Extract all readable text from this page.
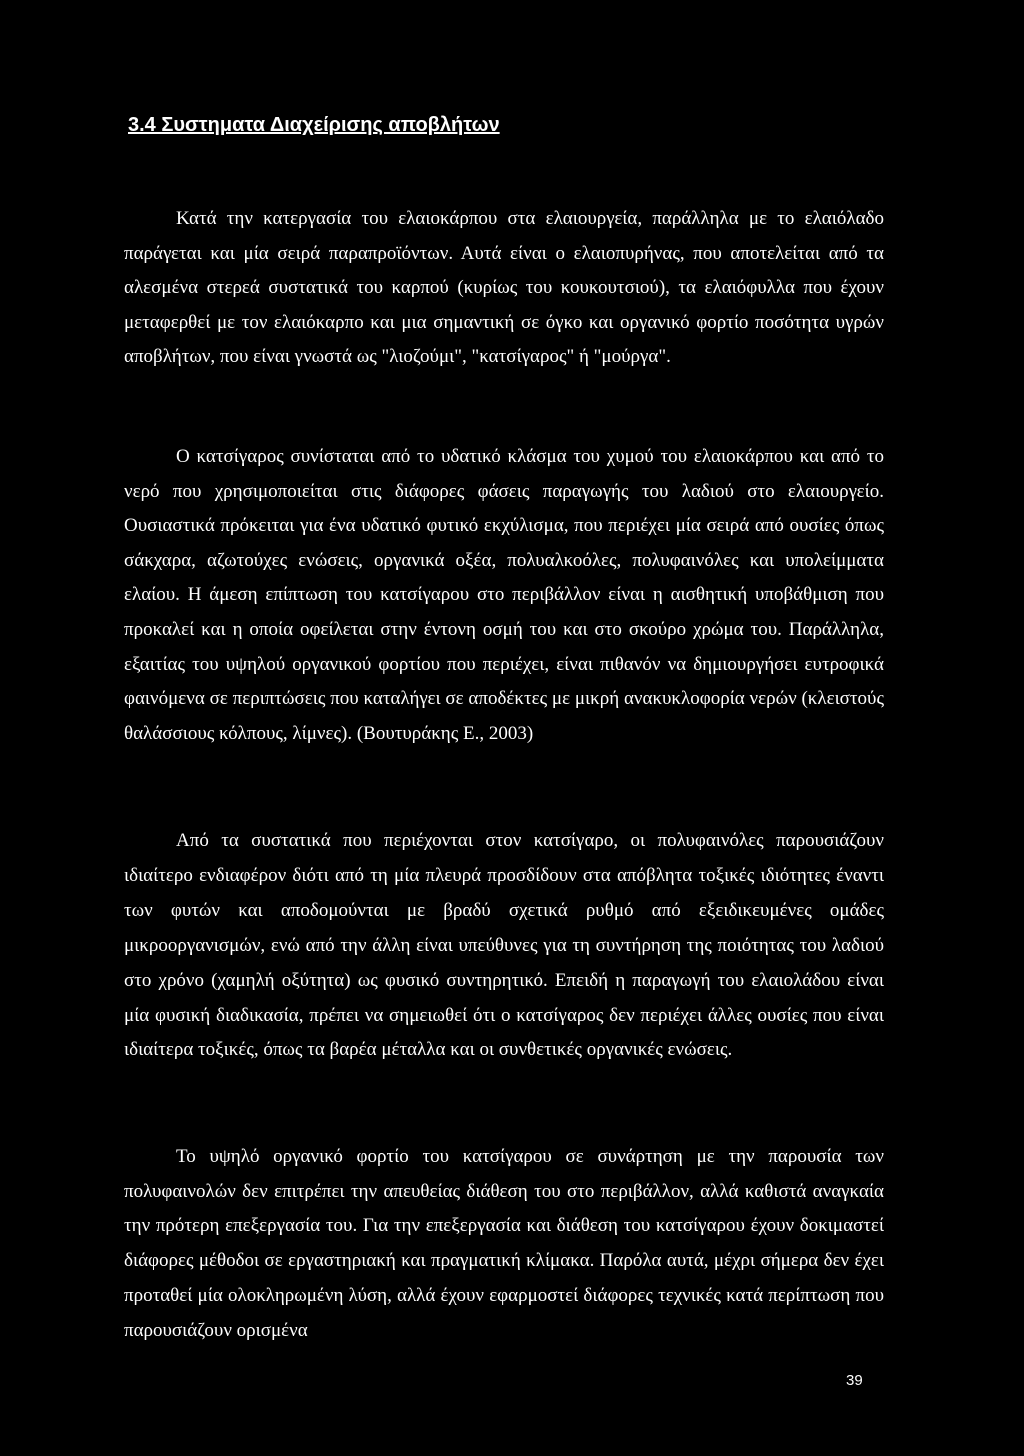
3.4 Συστηματα Διαχείρισης αποβλήτων

Κατά την κατεργασία του ελαιοκάρπου στα ελαιουργεία, παράλληλα με το ελαιόλαδο παράγεται και μία σειρά παραπροϊόντων. Αυτά είναι ο ελαιοπυρήνας, που αποτελείται από τα αλεσμένα στερεά συστατικά του καρπού (κυρίως του κουκουτσιού), τα ελαιόφυλλα που έχουν μεταφερθεί με τον ελαιόκαρπο και μια σημαντική σε όγκο και οργανικό φορτίο ποσότητα υγρών αποβλήτων, που είναι γνωστά ως "λιοζούμι", "κατσίγαρος" ή "μούργα".

Ο κατσίγαρος συνίσταται από το υδατικό κλάσμα του χυμού του ελαιοκάρπου και από το νερό που χρησιμοποιείται στις διάφορες φάσεις παραγωγής του λαδιού στο ελαιουργείο. Ουσιαστικά πρόκειται για ένα υδατικό φυτικό εκχύλισμα, που περιέχει μία σειρά από ουσίες όπως σάκχαρα, αζωτούχες ενώσεις, οργανικά οξέα, πολυαλκοόλες, πολυφαινόλες και υπολείμματα ελαίου. Η άμεση επίπτωση του κατσίγαρου στο περιβάλλον είναι η αισθητική υποβάθμιση που προκαλεί και η οποία οφείλεται στην έντονη οσμή του και στο σκούρο χρώμα του. Παράλληλα, εξαιτίας του υψηλού οργανικού φορτίου που περιέχει, είναι πιθανόν να δημιουργήσει ευτροφικά φαινόμενα σε περιπτώσεις που καταλήγει σε αποδέκτες με μικρή ανακυκλοφορία νερών (κλειστούς θαλάσσιους κόλπους, λίμνες). (Βουτυράκης Ε., 2003)

Από τα συστατικά που περιέχονται στον κατσίγαρο, οι πολυφαινόλες παρουσιάζουν ιδιαίτερο ενδιαφέρον διότι από τη μία πλευρά προσδίδουν στα απόβλητα τοξικές ιδιότητες έναντι των φυτών και αποδομούνται με βραδύ σχετικά ρυθμό από εξειδικευμένες ομάδες μικροοργανισμών, ενώ από την άλλη είναι υπεύθυνες για τη συντήρηση της ποιότητας του λαδιού στο χρόνο (χαμηλή οξύτητα) ως φυσικό συντηρητικό. Επειδή η παραγωγή του ελαιολάδου είναι μία φυσική διαδικασία, πρέπει να σημειωθεί ότι ο κατσίγαρος δεν περιέχει άλλες ουσίες που είναι ιδιαίτερα τοξικές, όπως τα βαρέα μέταλλα και οι συνθετικές οργανικές ενώσεις.

Το υψηλό οργανικό φορτίο του κατσίγαρου σε συνάρτηση με την παρουσία των πολυφαινολών δεν επιτρέπει την απευθείας διάθεση του στο περιβάλλον, αλλά καθιστά αναγκαία την πρότερη επεξεργασία του. Για την επεξεργασία και διάθεση του κατσίγαρου έχουν δοκιμαστεί διάφορες μέθοδοι σε εργαστηριακή και πραγματική κλίμακα. Παρόλα αυτά, μέχρι σήμερα δεν έχει προταθεί μία ολοκληρωμένη λύση, αλλά έχουν εφαρμοστεί διάφορες τεχνικές κατά περίπτωση που παρουσιάζουν ορισμένα

39
